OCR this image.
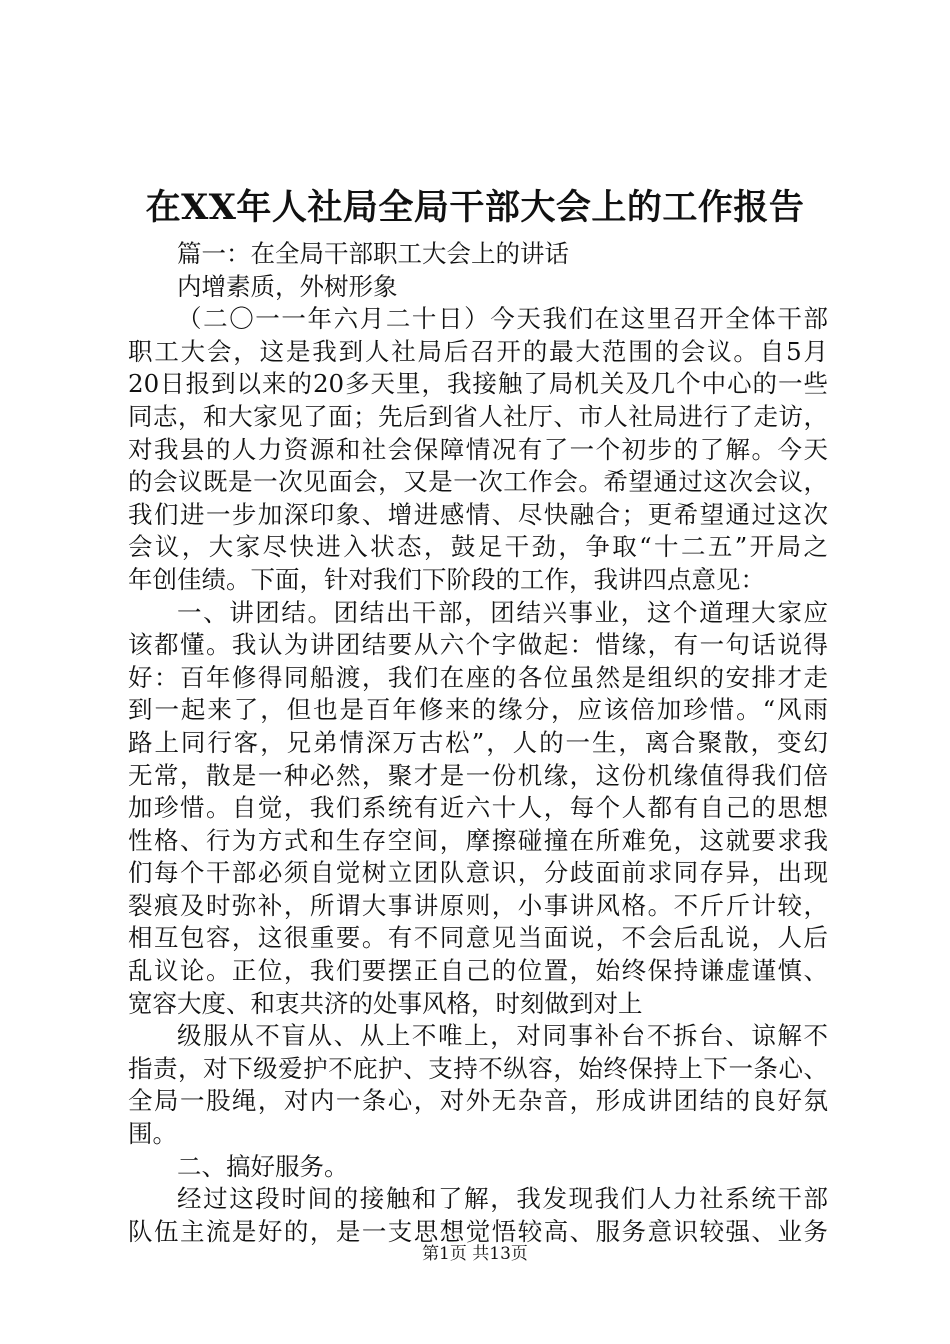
在XX年人社局全局干部大会上的工作报告
篇一：在全局干部职工大会上的讲话
内增素质，外树形象
（二〇一一年六月二十日）今天我们在这里召开全体干部
职工大会，这是我到人社局后召开的最大范围的会议。自5月
20日报到以来的20多天里，我接触了局机关及几个中心的一些
同志，和大家见了面；先后到省人社厅、市人社局进行了走访，
对我县的人力资源和社会保障情况有了一个初步的了解。今天
的会议既是一次见面会，又是一次工作会。希望通过这次会议，
我们进一步加深印象、增进感情、尽快融合；更希望通过这次
会议，大家尽快进入状态，鼓足干劲，争取“十二五”开局之
年创佳绩。下面，针对我们下阶段的工作，我讲四点意见：
一、讲团结。团结出干部，团结兴事业，这个道理大家应
该都懂。我认为讲团结要从六个字做起：惜缘，有一句话说得
好：百年修得同船渡，我们在座的各位虽然是组织的安排才走
到一起来了，但也是百年修来的缘分，应该倍加珍惜。“风雨
路上同行客，兄弟情深万古松”，人的一生，离合聚散，变幻
无常，散是一种必然，聚才是一份机缘，这份机缘值得我们倍
加珍惜。自觉，我们系统有近六十人，每个人都有自己的思想
性格、行为方式和生存空间，摩擦碰撞在所难免，这就要求我
们每个干部必须自觉树立团队意识，分歧面前求同存异，出现
裂痕及时弥补，所谓大事讲原则，小事讲风格。不斤斤计较，
相互包容，这很重要。有不同意见当面说，不会后乱说，人后
乱议论。正位，我们要摆正自己的位置，始终保持谦虚谨慎、
宽容大度、和衷共济的处事风格，时刻做到对上
级服从不盲从、从上不唯上，对同事补台不拆台、谅解不
指责，对下级爱护不庇护、支持不纵容，始终保持上下一条心、
全局一股绳，对内一条心，对外无杂音，形成讲团结的良好氛
围。
二、搞好服务。
经过这段时间的接触和了解，我发现我们人力社系统干部
队伍主流是好的，是一支思想觉悟较高、服务意识较强、业务
第1页 共13页
